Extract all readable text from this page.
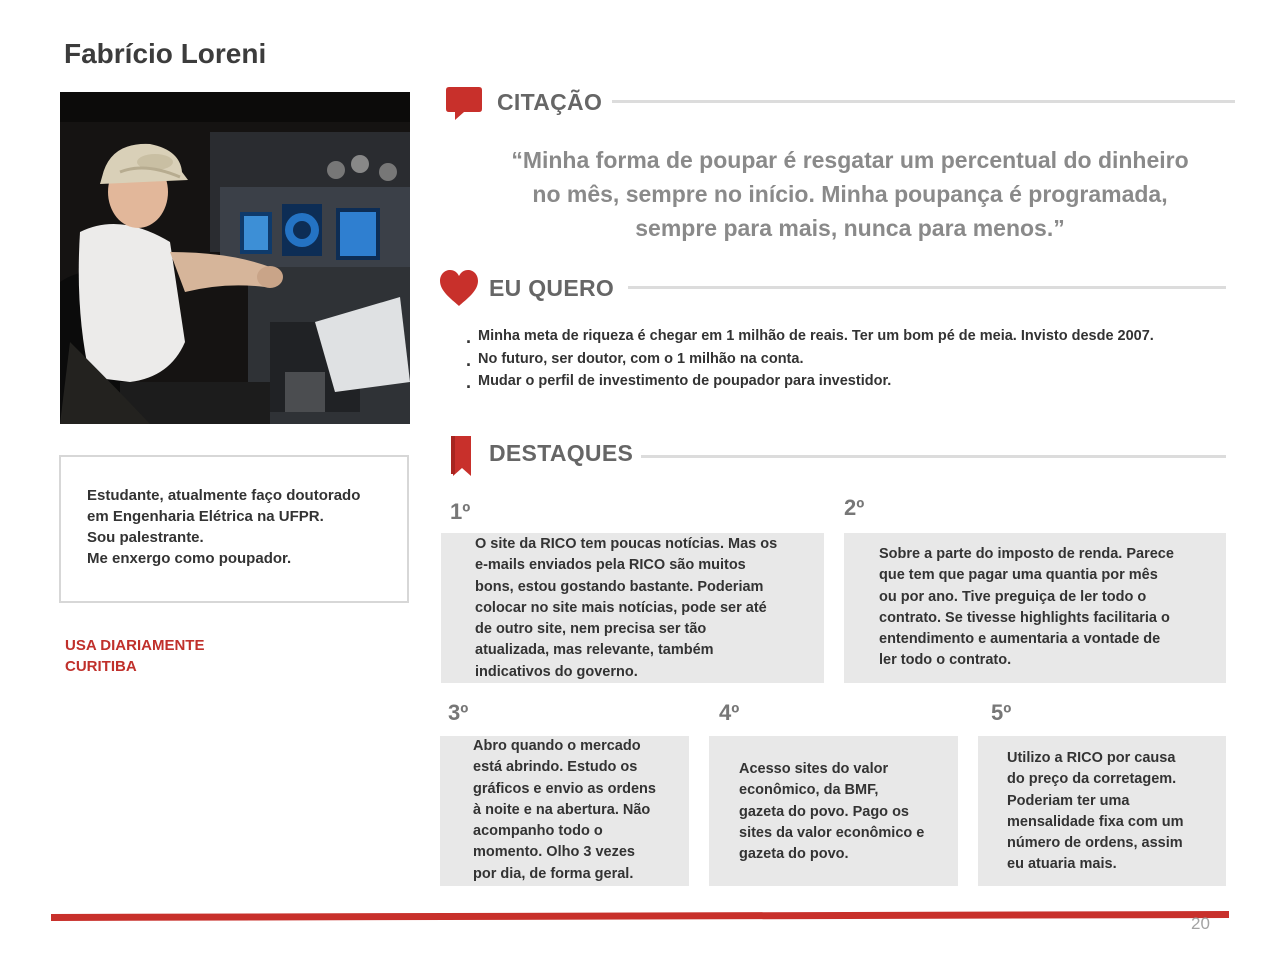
Fabrício Loreni
Estudante, atualmente faço doutorado
em Engenharia Elétrica na UFPR.
Sou palestrante.
Me enxergo como poupador.
USA DIARIAMENTE
CURITIBA
CITAÇÃO
“Minha forma de poupar é resgatar um percentual do dinheiro
no mês, sempre no início. Minha poupança é programada,
sempre para mais, nunca para menos.”
EU QUERO
. Minha meta de riqueza é chegar em 1 milhão de reais. Ter um bom pé de meia. Invisto desde 2007.
. No futuro, ser doutor, com o 1 milhão na conta.
. Mudar o perfil de investimento de poupador para investidor.
DESTAQUES
1º
O site da RICO tem poucas notícias. Mas os
e-mails enviados pela RICO são muitos
bons, estou gostando bastante. Poderiam
colocar no site mais notícias, pode ser até
de outro site, nem precisa ser tão
atualizada, mas relevante, também
indicativos do governo.
2º
Sobre a parte do imposto de renda. Parece
que tem que pagar uma quantia por mês
ou por ano. Tive preguiça de ler todo o
contrato. Se tivesse highlights facilitaria o
entendimento e aumentaria a vontade de
ler todo o contrato.
3º
Abro quando o mercado
está abrindo. Estudo os
gráficos e envio as ordens
à noite e na abertura. Não
acompanho todo o
momento. Olho 3 vezes
por dia, de forma geral.
4º
Acesso sites do valor
econômico, da BMF,
gazeta do povo. Pago os
sites da valor econômico e
gazeta do povo.
5º
Utilizo a RICO por causa
do preço da corretagem.
Poderiam ter uma
mensalidade fixa com um
número de ordens, assim
eu atuaria mais.
20
